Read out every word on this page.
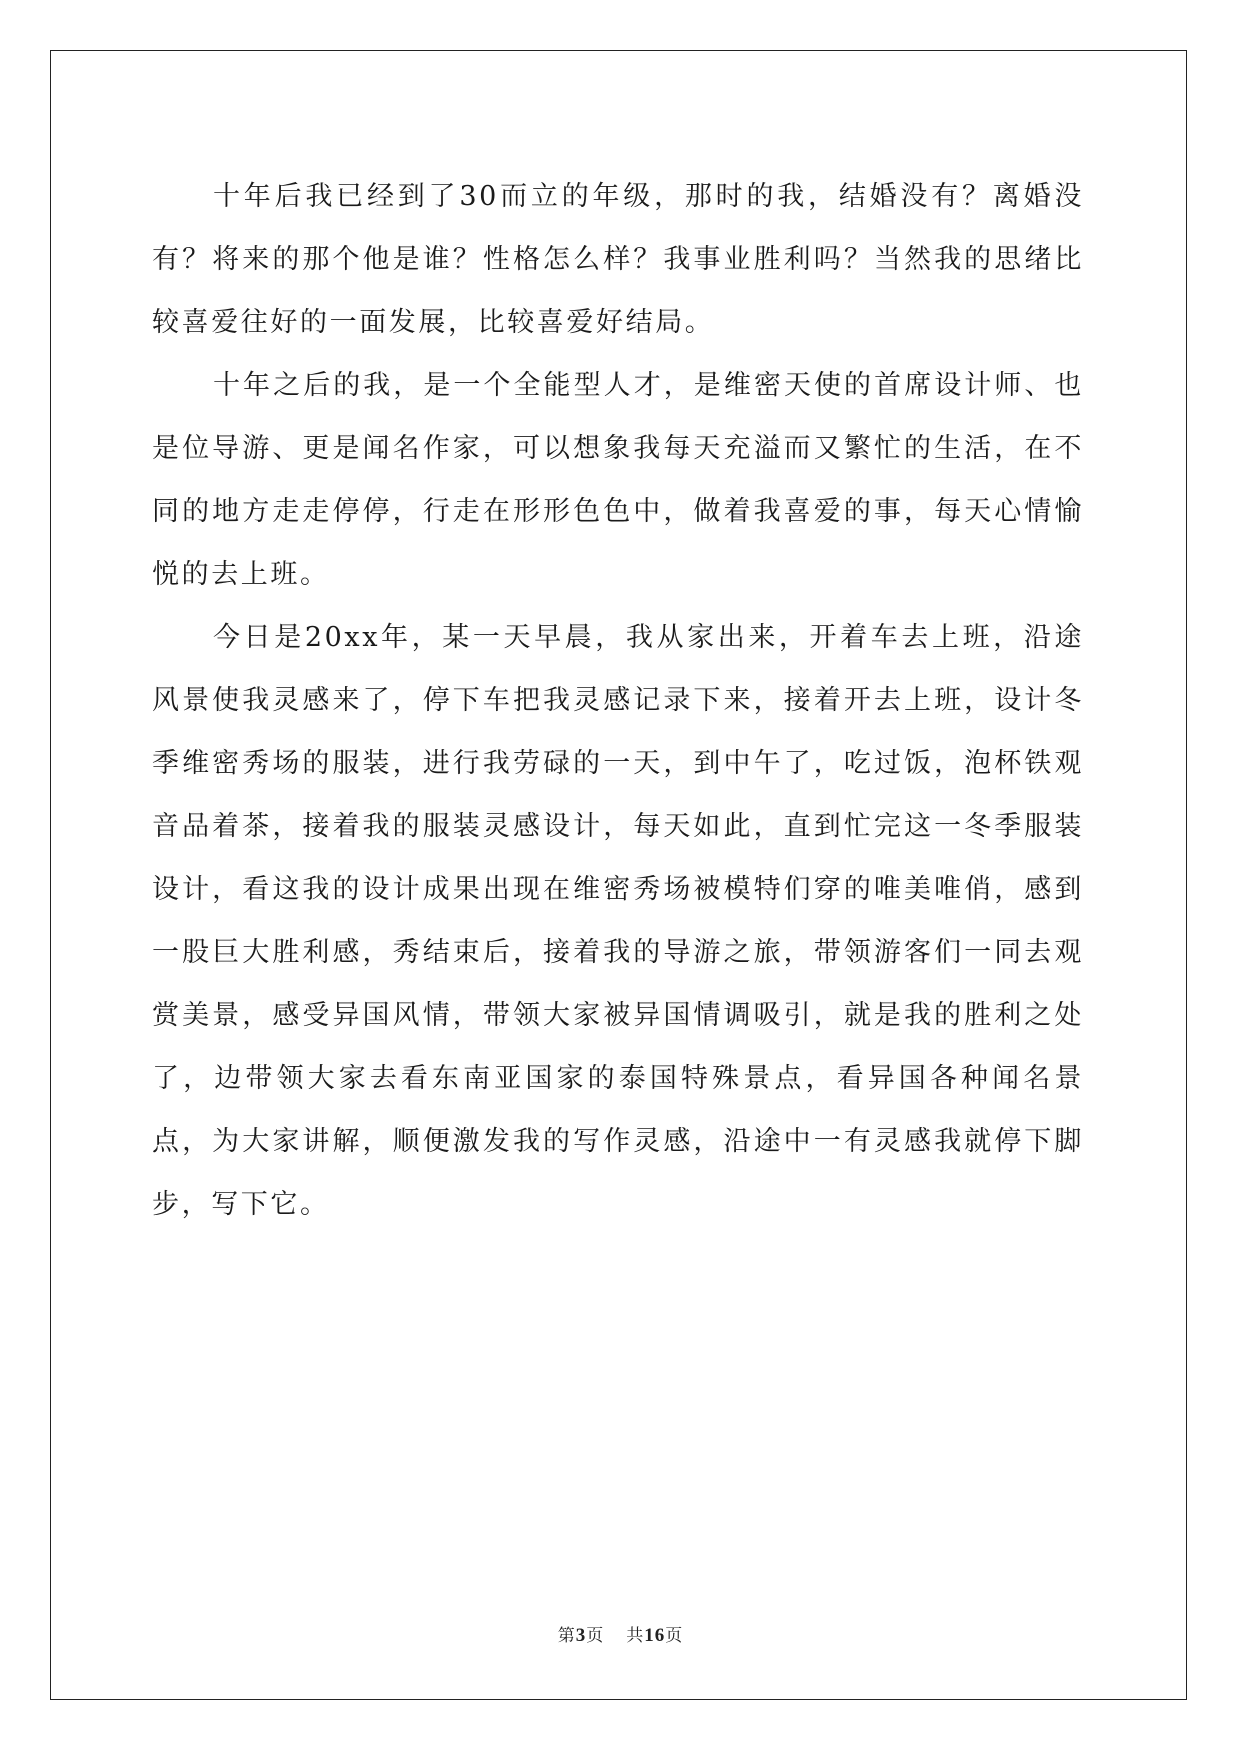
十年后我已经到了30而立的年级，那时的我，结婚没有？离婚没有？将来的那个他是谁？性格怎么样？我事业胜利吗？当然我的思绪比较喜爱往好的一面发展，比较喜爱好结局。

十年之后的我，是一个全能型人才，是维密天使的首席设计师、也是位导游、更是闻名作家，可以想象我每天充溢而又繁忙的生活，在不同的地方走走停停，行走在形形色色中，做着我喜爱的事，每天心情愉悦的去上班。

今日是20xx年，某一天早晨，我从家出来，开着车去上班，沿途风景使我灵感来了，停下车把我灵感记录下来，接着开去上班，设计冬季维密秀场的服装，进行我劳碌的一天，到中午了，吃过饭，泡杯铁观音品着茶，接着我的服装灵感设计，每天如此，直到忙完这一冬季服装设计，看这我的设计成果出现在维密秀场被模特们穿的唯美唯俏，感到一股巨大胜利感，秀结束后，接着我的导游之旅，带领游客们一同去观赏美景，感受异国风情，带领大家被异国情调吸引，就是我的胜利之处了，边带领大家去看东南亚国家的泰国特殊景点，看异国各种闻名景点，为大家讲解，顺便激发我的写作灵感，沿途中一有灵感我就停下脚步，写下它。

第3页 共16页
